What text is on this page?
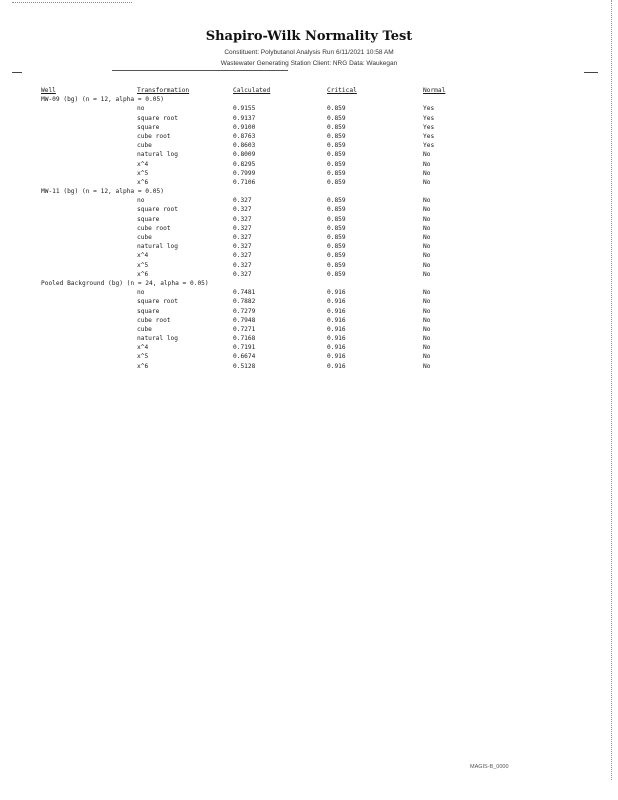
Shapiro-Wilk Normality Test
Constituent: Polybutanol Analysis Run 6/11/2021 10:58 AM
Wastewater Generating Station Client: NRG Data: Waukegan
Well	Transformation	Calculated	Critical	Normal
MW-09 (bg) (n = 12, alpha = 0.05)
no	0.9155	0.859	Yes
square root	0.9137	0.859	Yes
square	0.9100	0.859	Yes
cube root	0.8763	0.859	Yes
cube	0.8603	0.859	Yes
natural log	0.8009	0.859	No
x^4	0.8295	0.859	No
x^5	0.7999	0.859	No
x^6	0.7106	0.859	No
MW-11 (bg) (n = 12, alpha = 0.05)
no	0.327	0.859	No
square root	0.327	0.859	No
square	0.327	0.859	No
cube root	0.327	0.859	No
cube	0.327	0.859	No
natural log	0.327	0.859	No
x^4	0.327	0.859	No
x^5	0.327	0.859	No
x^6	0.327	0.859	No
Pooled Background (bg) (n = 24, alpha = 0.05)
no	0.7481	0.916	No
square root	0.7882	0.916	No
square	0.7279	0.916	No
cube root	0.7948	0.916	No
cube	0.7271	0.916	No
natural log	0.7168	0.916	No
x^4	0.7191	0.916	No
x^5	0.6674	0.916	No
x^6	0.5128	0.916	No
MAGIS-B_0000
